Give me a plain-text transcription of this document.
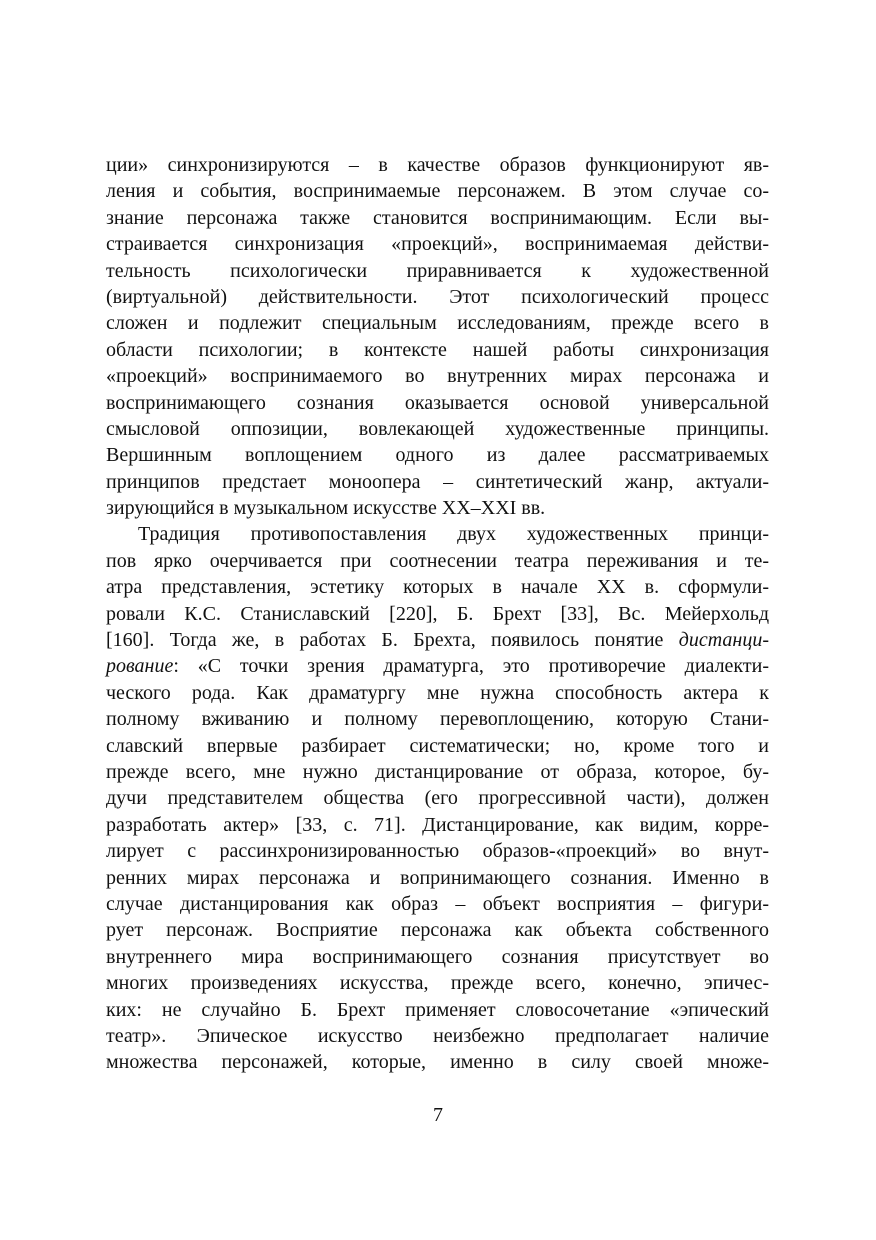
ции» синхронизируются – в качестве образов функционируют яв-
ления и события, воспринимаемые персонажем. В этом случае со-
знание персонажа также становится воспринимающим. Если вы-
страивается синхронизация «проекций», воспринимаемая действи-
тельность психологически приравнивается к художественной
(виртуальной) действительности. Этот психологический процесс
сложен и подлежит специальным исследованиям, прежде всего в
области психологии; в контексте нашей работы синхронизация
«проекций» воспринимаемого во внутренних мирах персонажа и
воспринимающего сознания оказывается основой универсальной
смысловой оппозиции, вовлекающей художественные принципы.
Вершинным воплощением одного из далее рассматриваемых
принципов предстает моноопера – синтетический жанр, актуали-
зирующийся в музыкальном искусстве XX–XXI вв.
Традиция противопоставления двух художественных принци-
пов ярко очерчивается при соотнесении театра переживания и те-
атра представления, эстетику которых в начале XX в. сформули-
ровали К.С. Станиславский [220], Б. Брехт [33], Вс. Мейерхольд
[160]. Тогда же, в работах Б. Брехта, появилось понятие дистанци-
рование: «С точки зрения драматурга, это противоречие диалекти-
ческого рода. Как драматургу мне нужна способность актера к
полному вживанию и полному перевоплощению, которую Стани-
славский впервые разбирает систематически; но, кроме того и
прежде всего, мне нужно дистанцирование от образа, которое, бу-
дучи представителем общества (его прогрессивной части), должен
разработать актер» [33, с. 71]. Дистанцирование, как видим, корре-
лирует с рассинхронизированностью образов-«проекций» во внут-
ренних мирах персонажа и вопринимающего сознания. Именно в
случае дистанцирования как образ – объект восприятия – фигури-
рует персонаж. Восприятие персонажа как объекта собственного
внутреннего мира воспринимающего сознания присутствует во
многих произведениях искусства, прежде всего, конечно, эпичес-
ких: не случайно Б. Брехт применяет словосочетание «эпический
театр». Эпическое искусство неизбежно предполагает наличие
множества персонажей, которые, именно в силу своей множе-
7
